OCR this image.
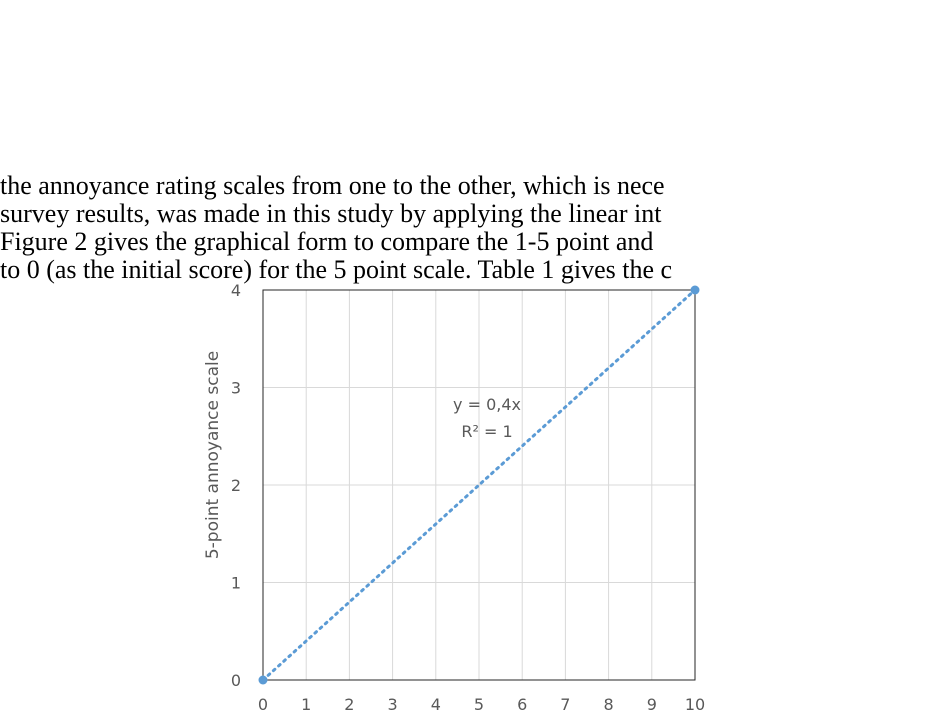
the annoyance rating scales from one to the other, which is nece
survey results, was made in this study by applying the linear int
Figure 2 gives the graphical form to compare the 1-5 point and
to 0 (as the initial score) for the 5 point scale. Table 1 gives the c
0 1 2 3 4 5 6 7 8 9 10
0
1
2
3
4
5-point annoyance scale	y = 0,4x
R² = 1
